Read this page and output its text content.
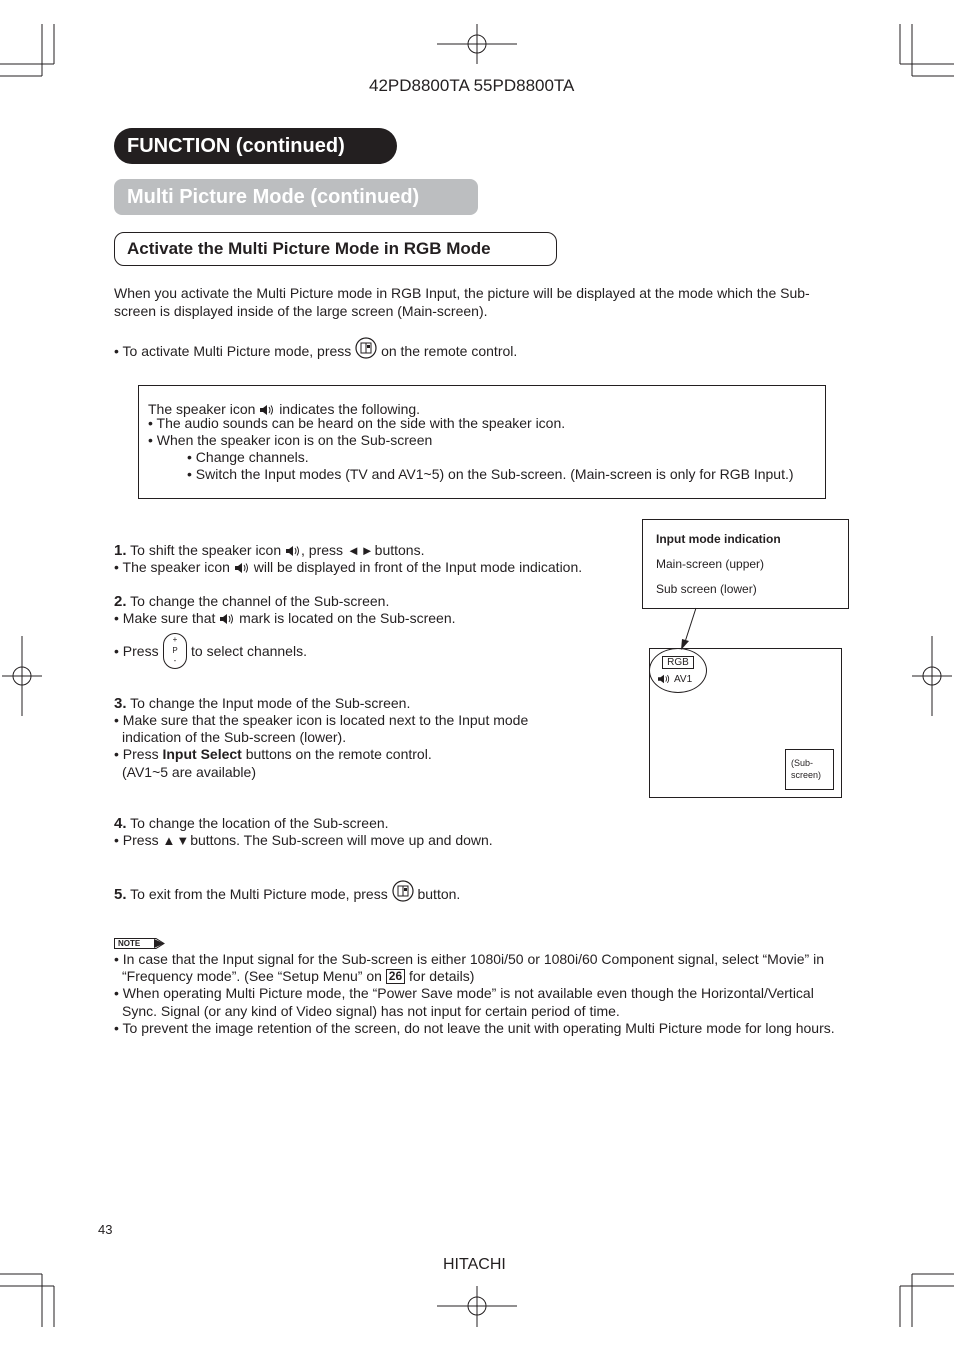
42PD8800TA 55PD8800TA
FUNCTION (continued)
Multi Picture Mode (continued)
Activate the Multi Picture Mode in RGB Mode
When you activate the Multi Picture mode in RGB Input, the picture will be displayed at the mode which the Sub-
screen is displayed inside of the large screen (Main-screen).
• To activate Multi Picture mode, press on the remote control.
The speaker icon indicates the following.
• The audio sounds can be heard on the side with the speaker icon.
• When the speaker icon is on the Sub-screen
• Change channels.
• Switch the Input modes (TV and AV1~5) on the Sub-screen. (Main-screen is only for RGB Input.)
1. To shift the speaker icon , press ◄►buttons.
• The speaker icon will be displayed in front of the Input mode indication.
2. To change the channel of the Sub-screen.
• Make sure that mark is located on the Sub-screen.
• Press
+
P
-
to select channels.
3. To change the Input mode of the Sub-screen.
• Make sure that the speaker icon is located next to the Input mode
indication of the Sub-screen (lower).
• Press Input Select buttons on the remote control.
(AV1~5 are available)
4. To change the location of the Sub-screen.
• Press ▲▼buttons. The Sub-screen will move up and down.
5. To exit from the Multi Picture mode, press button.
Input mode indication
Main-screen (upper)
Sub screen (lower)
RGB
AV1
(Sub-
screen)
NOTE
• In case that the Input signal for the Sub-screen is either 1080i/50 or 1080i/60 Component signal, select “Movie” in
“Frequency mode”. (See “Setup Menu” on 26 for details)
• When operating Multi Picture mode, the “Power Save mode” is not available even though the Horizontal/Vertical
Sync. Signal (or any kind of Video signal) has not input for certain period of time.
• To prevent the image retention of the screen, do not leave the unit with operating Multi Picture mode for long hours.
43
HITACHI
